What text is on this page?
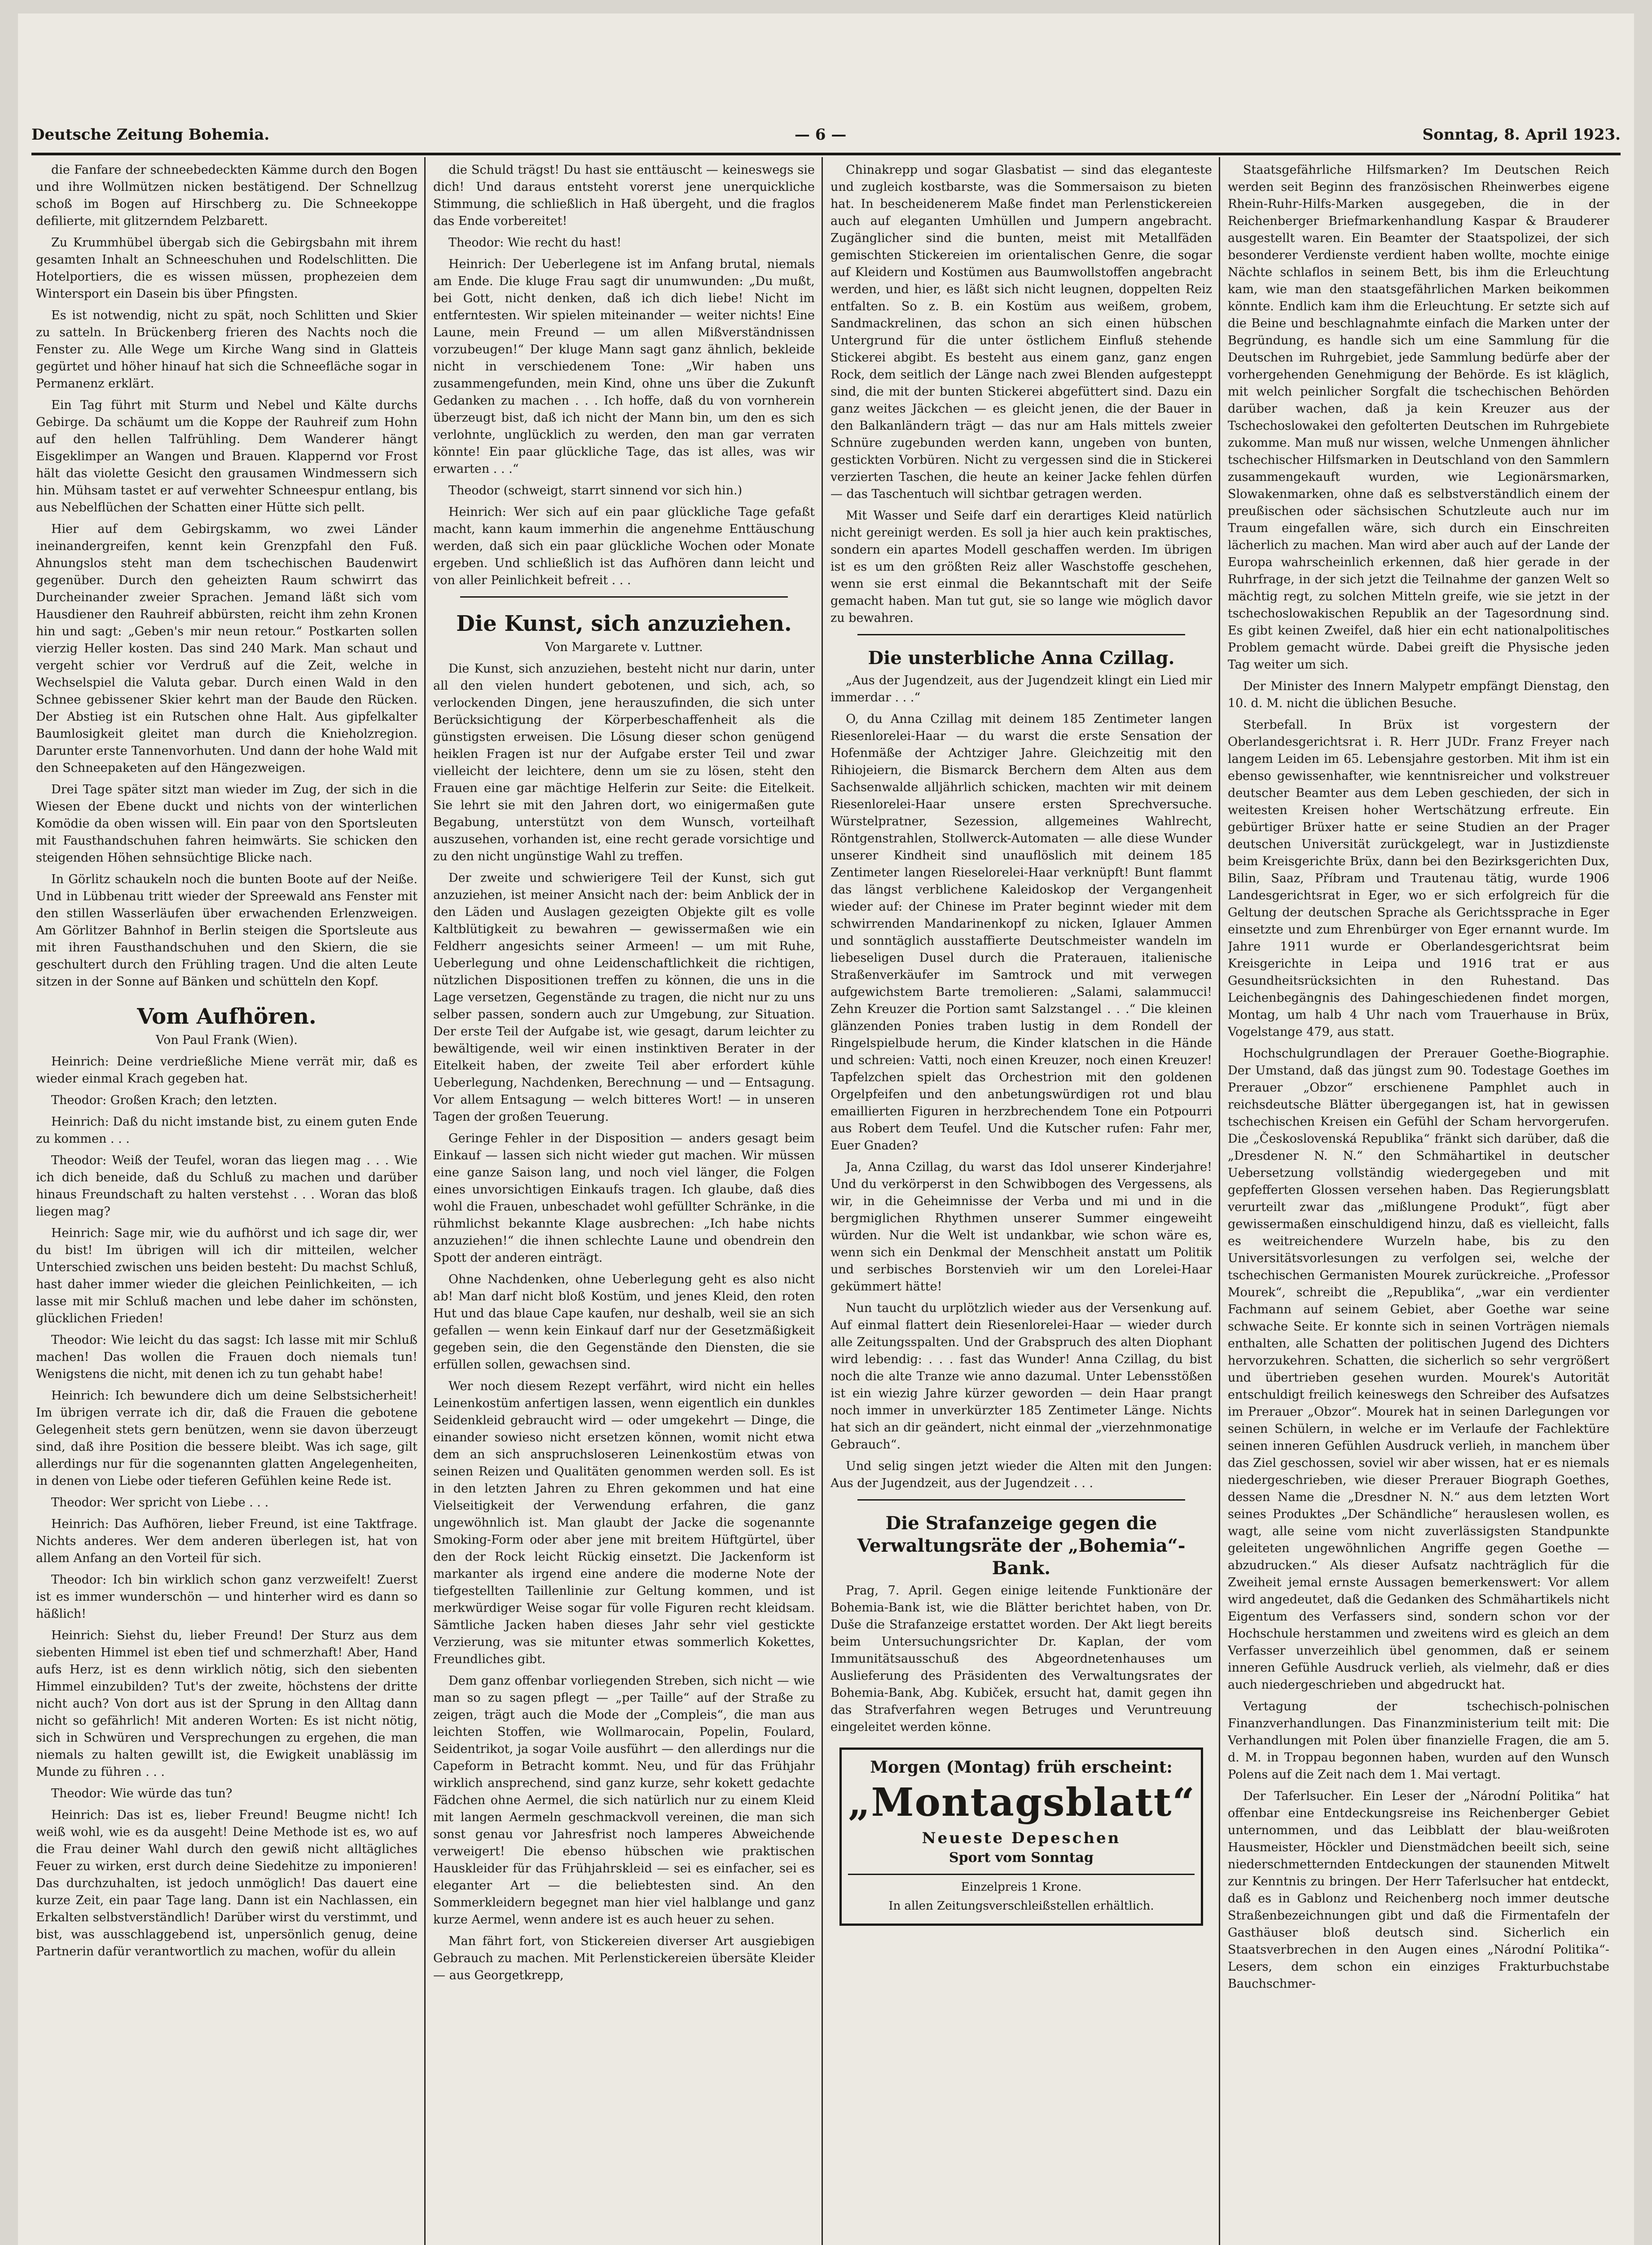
Deutsche Zeitung Bohemia.	— 6 —	Sonntag, 8. April 1923.

die Fanfare der schneebedeckten Kämme durch den Bogen und ihre Wollmützen nicken bestätigend. Der Schnellzug schoß im Bogen auf Hirschberg zu. Die Schneekoppe defilierte, mit glitzerndem Pelzbarett.

Zu Krummhübel übergab sich die Gebirgsbahn mit ihrem gesamten Inhalt an Schneeschuhen und Rodelschlitten. Die Hotelportiers, die es wissen müssen, prophezeien dem Wintersport ein Dasein bis über Pfingsten.

Es ist notwendig, nicht zu spät, noch Schlitten und Skier zu satteln. In Brückenberg frieren des Nachts noch die Fenster zu. Alle Wege um Kirche Wang sind in Glatteis gegürtet und höher hinauf hat sich die Schneefläche sogar in Permanenz erklärt.

Ein Tag führt mit Sturm und Nebel und Kälte durchs Gebirge. Da schäumt um die Koppe der Rauhreif zum Hohn auf den hellen Talfrühling. Dem Wanderer hängt Eisgeklimper an Wangen und Brauen. Klappernd vor Frost hält das violette Gesicht den grausamen Windmessern sich hin. Mühsam tastet er auf verwehter Schneespur entlang, bis aus Nebelflüchen der Schatten einer Hütte sich pellt.

Hier auf dem Gebirgskamm, wo zwei Länder ineinandergreifen, kennt kein Grenzpfahl den Fuß. Ahnungslos steht man dem tschechischen Baudenwirt gegenüber. Durch den geheizten Raum schwirrt das Durcheinander zweier Sprachen. Jemand läßt sich vom Hausdiener den Rauhreif abbürsten, reicht ihm zehn Kronen hin und sagt: „Geben's mir neun retour.“ Postkarten sollen vierzig Heller kosten. Das sind 240 Mark. Man schaut und vergeht schier vor Verdruß auf die Zeit, welche in Wechselspiel die Valuta gebar. Durch einen Wald in den Schnee gebissener Skier kehrt man der Baude den Rücken. Der Abstieg ist ein Rutschen ohne Halt. Aus gipfelkalter Baumlosigkeit gleitet man durch die Knieholzregion. Darunter erste Tannenvorhuten. Und dann der hohe Wald mit den Schneepaketen auf den Hängezweigen.

Drei Tage später sitzt man wieder im Zug, der sich in die Wiesen der Ebene duckt und nichts von der winterlichen Komödie da oben wissen will. Ein paar von den Sportsleuten mit Fausthandschuhen fahren heimwärts. Sie schicken den steigenden Höhen sehnsüchtige Blicke nach.

In Görlitz schaukeln noch die bunten Boote auf der Neiße. Und in Lübbenau tritt wieder der Spreewald ans Fenster mit den stillen Wasserläufen über erwachenden Erlenzweigen. Am Görlitzer Bahnhof in Berlin steigen die Sportsleute aus mit ihren Fausthandschuhen und den Skiern, die sie geschultert durch den Frühling tragen. Und die alten Leute sitzen in der Sonne auf Bänken und schütteln den Kopf.

Vom Aufhören.

Von Paul Frank (Wien).

Heinrich: Deine verdrießliche Miene verrät mir, daß es wieder einmal Krach gegeben hat.

Theodor: Großen Krach; den letzten.

Heinrich: Daß du nicht imstande bist, zu einem guten Ende zu kommen . . .

Theodor: Weiß der Teufel, woran das liegen mag . . . Wie ich dich beneide, daß du Schluß zu machen und darüber hinaus Freundschaft zu halten verstehst . . . Woran das bloß liegen mag?

Heinrich: Sage mir, wie du aufhörst und ich sage dir, wer du bist! Im übrigen will ich dir mitteilen, welcher Unterschied zwischen uns beiden besteht: Du machst Schluß, hast daher immer wieder die gleichen Peinlichkeiten, — ich lasse mit mir Schluß machen und lebe daher im schönsten, glücklichen Frieden!

Theodor: Wie leicht du das sagst: Ich lasse mit mir Schluß machen! Das wollen die Frauen doch niemals tun! Wenigstens die nicht, mit denen ich zu tun gehabt habe!

Heinrich: Ich bewundere dich um deine Selbstsicherheit! Im übrigen verrate ich dir, daß die Frauen die gebotene Gelegenheit stets gern benützen, wenn sie davon überzeugt sind, daß ihre Position die bessere bleibt. Was ich sage, gilt allerdings nur für die sogenannten glatten Angelegenheiten, in denen von Liebe oder tieferen Gefühlen keine Rede ist.

Theodor: Wer spricht von Liebe . . .

Heinrich: Das Aufhören, lieber Freund, ist eine Taktfrage. Nichts anderes. Wer dem anderen überlegen ist, hat von allem Anfang an den Vorteil für sich.

Theodor: Ich bin wirklich schon ganz verzweifelt! Zuerst ist es immer wunderschön — und hinterher wird es dann so häßlich!

Heinrich: Siehst du, lieber Freund! Der Sturz aus dem siebenten Himmel ist eben tief und schmerzhaft! Aber, Hand aufs Herz, ist es denn wirklich nötig, sich den siebenten Himmel einzubilden? Tut's der zweite, höchstens der dritte nicht auch? Von dort aus ist der Sprung in den Alltag dann nicht so gefährlich! Mit anderen Worten: Es ist nicht nötig, sich in Schwüren und Versprechungen zu ergehen, die man niemals zu halten gewillt ist, die Ewigkeit unablässig im Munde zu führen . . .

Theodor: Wie würde das tun?

Heinrich: Das ist es, lieber Freund! Beugme nicht! Ich weiß wohl, wie es da ausgeht! Deine Methode ist es, wo auf die Frau deiner Wahl durch den gewiß nicht alltägliches Feuer zu wirken, erst durch deine Siedehitze zu imponieren! Das durchzuhalten, ist jedoch unmöglich! Das dauert eine kurze Zeit, ein paar Tage lang. Dann ist ein Nachlassen, ein Erkalten selbstverständlich! Darüber wirst du verstimmt, und bist, was ausschlaggebend ist, unpersönlich genug, deine Partnerin dafür verantwortlich zu machen, wofür du allein

die Schuld trägst! Du hast sie enttäuscht — keineswegs sie dich! Und daraus entsteht vorerst jene unerquickliche Stimmung, die schließlich in Haß übergeht, und die fraglos das Ende vorbereitet!

Theodor: Wie recht du hast!

Heinrich: Der Ueberlegene ist im Anfang brutal, niemals am Ende. Die kluge Frau sagt dir unumwunden: „Du mußt, bei Gott, nicht denken, daß ich dich liebe! Nicht im entferntesten. Wir spielen miteinander — weiter nichts! Eine Laune, mein Freund — um allen Mißverständnissen vorzubeugen!“ Der kluge Mann sagt ganz ähnlich, bekleide nicht in verschiedenem Tone: „Wir haben uns zusammengefunden, mein Kind, ohne uns über die Zukunft Gedanken zu machen . . . Ich hoffe, daß du von vornherein überzeugt bist, daß ich nicht der Mann bin, um den es sich verlohnte, unglücklich zu werden, den man gar verraten könnte! Ein paar glückliche Tage, das ist alles, was wir erwarten . . .“

Theodor (schweigt, starrt sinnend vor sich hin.)

Heinrich: Wer sich auf ein paar glückliche Tage gefaßt macht, kann kaum immerhin die angenehme Enttäuschung werden, daß sich ein paar glückliche Wochen oder Monate ergeben. Und schließlich ist das Aufhören dann leicht und von aller Peinlichkeit befreit . . .

Die Kunst, sich anzuziehen.

Von Margarete v. Luttner.

Die Kunst, sich anzuziehen, besteht nicht nur darin, unter all den vielen hundert gebotenen, und sich, ach, so verlockenden Dingen, jene herauszufinden, die sich unter Berücksichtigung der Körperbeschaffenheit als die günstigsten erweisen. Die Lösung dieser schon genügend heiklen Fragen ist nur der Aufgabe erster Teil und zwar vielleicht der leichtere, denn um sie zu lösen, steht den Frauen eine gar mächtige Helferin zur Seite: die Eitelkeit. Sie lehrt sie mit den Jahren dort, wo einigermaßen gute Begabung, unterstützt von dem Wunsch, vorteilhaft auszusehen, vorhanden ist, eine recht gerade vorsichtige und zu den nicht ungünstige Wahl zu treffen.

Der zweite und schwierigere Teil der Kunst, sich gut anzuziehen, ist meiner Ansicht nach der: beim Anblick der in den Läden und Auslagen gezeigten Objekte gilt es volle Kaltblütigkeit zu bewahren — gewissermaßen wie ein Feldherr angesichts seiner Armeen! — um mit Ruhe, Ueberlegung und ohne Leidenschaftlichkeit die richtigen, nützlichen Dispositionen treffen zu können, die uns in die Lage versetzen, Gegenstände zu tragen, die nicht nur zu uns selber passen, sondern auch zur Umgebung, zur Situation. Der erste Teil der Aufgabe ist, wie gesagt, darum leichter zu bewältigende, weil wir einen instinktiven Berater in der Eitelkeit haben, der zweite Teil aber erfordert kühle Ueberlegung, Nachdenken, Berechnung — und — Entsagung. Vor allem Entsagung — welch bitteres Wort! — in unseren Tagen der großen Teuerung.

Geringe Fehler in der Disposition — anders gesagt beim Einkauf — lassen sich nicht wieder gut machen. Wir müssen eine ganze Saison lang, und noch viel länger, die Folgen eines unvorsichtigen Einkaufs tragen. Ich glaube, daß dies wohl die Frauen, unbeschadet wohl gefüllter Schränke, in die rühmlichst bekannte Klage ausbrechen: „Ich habe nichts anzuziehen!“ die ihnen schlechte Laune und obendrein den Spott der anderen einträgt.

Ohne Nachdenken, ohne Ueberlegung geht es also nicht ab! Man darf nicht bloß Kostüm, und jenes Kleid, den roten Hut und das blaue Cape kaufen, nur deshalb, weil sie an sich gefallen — wenn kein Einkauf darf nur der Gesetzmäßigkeit gegeben sein, die den Gegenstände den Diensten, die sie erfüllen sollen, gewachsen sind.

Wer noch diesem Rezept verfährt, wird nicht ein helles Leinenkostüm anfertigen lassen, wenn eigentlich ein dunkles Seidenkleid gebraucht wird — oder umgekehrt — Dinge, die einander sowieso nicht ersetzen können, womit nicht etwa dem an sich anspruchsloseren Leinenkostüm etwas von seinen Reizen und Qualitäten genommen werden soll. Es ist in den letzten Jahren zu Ehren gekommen und hat eine Vielseitigkeit der Verwendung erfahren, die ganz ungewöhnlich ist. Man glaubt der Jacke die sogenannte Smoking-Form oder aber jene mit breitem Hüftgürtel, über den der Rock leicht Rückig einsetzt. Die Jackenform ist markanter als irgend eine andere die moderne Note der tiefgestellten Taillenlinie zur Geltung kommen, und ist merkwürdiger Weise sogar für volle Figuren recht kleidsam. Sämtliche Jacken haben dieses Jahr sehr viel gestickte Verzierung, was sie mitunter etwas sommerlich Kokettes, Freundliches gibt.

Dem ganz offenbar vorliegenden Streben, sich nicht — wie man so zu sagen pflegt — „per Taille“ auf der Straße zu zeigen, trägt auch die Mode der „Compleis“, die man aus leichten Stoffen, wie Wollmarocain, Popelin, Foulard, Seidentrikot, ja sogar Voile ausführt — den allerdings nur die Capeform in Betracht kommt. Neu, und für das Frühjahr wirklich ansprechend, sind ganz kurze, sehr kokett gedachte Fädchen ohne Aermel, die sich natürlich nur zu einem Kleid mit langen Aermeln geschmackvoll vereinen, die man sich sonst genau vor Jahresfrist noch lamperes Abweichende verweigert! Die ebenso hübschen wie praktischen Hauskleider für das Frühjahrskleid — sei es einfacher, sei es eleganter Art — die beliebtesten sind. An den Sommerkleidern begegnet man hier viel halblange und ganz kurze Aermel, wenn andere ist es auch heuer zu sehen.

Man fährt fort, von Stickereien diverser Art ausgiebigen Gebrauch zu machen. Mit Perlenstickereien übersäte Kleider — aus Georgetkrepp,

Chinakrepp und sogar Glasbatist — sind das eleganteste und zugleich kostbarste, was die Sommersaison zu bieten hat. In bescheidenerem Maße findet man Perlenstickereien auch auf eleganten Umhüllen und Jumpern angebracht. Zugänglicher sind die bunten, meist mit Metallfäden gemischten Stickereien im orientalischen Genre, die sogar auf Kleidern und Kostümen aus Baumwollstoffen angebracht werden, und hier, es läßt sich nicht leugnen, doppelten Reiz entfalten. So z. B. ein Kostüm aus weißem, grobem, Sandmackrelinen, das schon an sich einen hübschen Untergrund für die unter östlichem Einfluß stehende Stickerei abgibt. Es besteht aus einem ganz, ganz engen Rock, dem seitlich der Länge nach zwei Blenden aufgesteppt sind, die mit der bunten Stickerei abgefüttert sind. Dazu ein ganz weites Jäckchen — es gleicht jenen, die der Bauer in den Balkanländern trägt — das nur am Hals mittels zweier Schnüre zugebunden werden kann, ungeben von bunten, gestickten Vorbüren. Nicht zu vergessen sind die in Stickerei verzierten Taschen, die heute an keiner Jacke fehlen dürfen — das Taschentuch will sichtbar getragen werden.

Mit Wasser und Seife darf ein derartiges Kleid natürlich nicht gereinigt werden. Es soll ja hier auch kein praktisches, sondern ein apartes Modell geschaffen werden. Im übrigen ist es um den größten Reiz aller Waschstoffe geschehen, wenn sie erst einmal die Bekanntschaft mit der Seife gemacht haben. Man tut gut, sie so lange wie möglich davor zu bewahren.

Die unsterbliche Anna Czillag.

„Aus der Jugendzeit, aus der Jugendzeit klingt ein Lied mir immerdar . . .“

O, du Anna Czillag mit deinem 185 Zentimeter langen Riesenlorelei-Haar — du warst die erste Sensation der Hofenmäße der Achtziger Jahre. Gleichzeitig mit den Rihiojeiern, die Bismarck Berchern dem Alten aus dem Sachsenwalde alljährlich schicken, machten wir mit deinem Riesenlorelei-Haar unsere ersten Sprechversuche. Würstelpratner, Sezession, allgemeines Wahlrecht, Röntgenstrahlen, Stollwerck-Automaten — alle diese Wunder unserer Kindheit sind unauflöslich mit deinem 185 Zentimeter langen Rieselorelei-Haar verknüpft! Bunt flammt das längst verblichene Kaleidoskop der Vergangenheit wieder auf: der Chinese im Prater beginnt wieder mit dem schwirrenden Mandarinenkopf zu nicken, Iglauer Ammen und sonntäglich ausstaffierte Deutschmeister wandeln im liebeseligen Dusel durch die Praterauen, italienische Straßenverkäufer im Samtrock und mit verwegen aufgewichstem Barte tremolieren: „Salami, salammucci! Zehn Kreuzer die Portion samt Salzstangel . . .“ Die kleinen glänzenden Ponies traben lustig in dem Rondell der Ringelspielbude herum, die Kinder klatschen in die Hände und schreien: Vatti, noch einen Kreuzer, noch einen Kreuzer! Tapfelzchen spielt das Orchestrion mit den goldenen Orgelpfeifen und den anbetungswürdigen rot und blau emaillierten Figuren in herzbrechendem Tone ein Potpourri aus Robert dem Teufel. Und die Kutscher rufen: Fahr mer, Euer Gnaden?

Ja, Anna Czillag, du warst das Idol unserer Kinderjahre! Und du verkörperst in den Schwibbogen des Vergessens, als wir, in die Geheimnisse der Verba und mi und in die bergmiglichen Rhythmen unserer Summer eingeweiht würden. Nur die Welt ist undankbar, wie schon wäre es, wenn sich ein Denkmal der Menschheit anstatt um Politik und serbisches Borstenvieh wir um den Lorelei-Haar gekümmert hätte!

Nun taucht du urplötzlich wieder aus der Versenkung auf. Auf einmal flattert dein Riesenlorelei-Haar — wieder durch alle Zeitungsspalten. Und der Grabspruch des alten Diophant wird lebendig: . . . fast das Wunder! Anna Czillag, du bist noch die alte Tranze wie anno dazumal. Unter Lebensstößen ist ein wiezig Jahre kürzer geworden — dein Haar prangt noch immer in unverkürzter 185 Zentimeter Länge. Nichts hat sich an dir geändert, nicht einmal der „vierzehnmonatige Gebrauch“.

Und selig singen jetzt wieder die Alten mit den Jungen: Aus der Jugendzeit, aus der Jugendzeit . . .

Die Strafanzeige gegen die Verwaltungsräte der „Bohemia“-Bank.

Prag, 7. April. Gegen einige leitende Funktionäre der Bohemia-Bank ist, wie die Blätter berichtet haben, von Dr. Duše die Strafanzeige erstattet worden. Der Akt liegt bereits beim Untersuchungsrichter Dr. Kaplan, der vom Immunitätsausschuß des Abgeordnetenhauses um Auslieferung des Präsidenten des Verwaltungsrates der Bohemia-Bank, Abg. Kubiček, ersucht hat, damit gegen ihn das Strafverfahren wegen Betruges und Veruntreuung eingeleitet werden könne.

Morgen (Montag) früh erscheint:
„Montagsblatt“
Neueste Depeschen
Sport vom Sonntag
Einzelpreis 1 Krone.
In allen Zeitungsverschleißstellen erhältlich.

Staatsgefährliche Hilfsmarken? Im Deutschen Reich werden seit Beginn des französischen Rheinwerbes eigene Rhein-Ruhr-Hilfs-Marken ausgegeben, die in der Reichenberger Briefmarkenhandlung Kaspar & Brauderer ausgestellt waren. Ein Beamter der Staatspolizei, der sich besonderer Verdienste verdient haben wollte, mochte einige Nächte schlaflos in seinem Bett, bis ihm die Erleuchtung kam, wie man den staatsgefährlichen Marken beikommen könnte. Endlich kam ihm die Erleuchtung. Er setzte sich auf die Beine und beschlagnahmte einfach die Marken unter der Begründung, es handle sich um eine Sammlung für die Deutschen im Ruhrgebiet, jede Sammlung bedürfe aber der vorhergehenden Genehmigung der Behörde. Es ist kläglich, mit welch peinlicher Sorgfalt die tschechischen Behörden darüber wachen, daß ja kein Kreuzer aus der Tschechoslowakei den gefolterten Deutschen im Ruhrgebiete zukomme. Man muß nur wissen, welche Unmengen ähnlicher tschechischer Hilfsmarken in Deutschland von den Sammlern zusammengekauft wurden, wie Legionärsmarken, Slowakenmarken, ohne daß es selbstverständlich einem der preußischen oder sächsischen Schutzleute auch nur im Traum eingefallen wäre, sich durch ein Einschreiten lächerlich zu machen. Man wird aber auch auf der Lande der Europa wahrscheinlich erkennen, daß hier gerade in der Ruhrfrage, in der sich jetzt die Teilnahme der ganzen Welt so mächtig regt, zu solchen Mitteln greife, wie sie jetzt in der tschechoslowakischen Republik an der Tagesordnung sind. Es gibt keinen Zweifel, daß hier ein echt nationalpolitisches Problem gemacht würde. Dabei greift die Physische jeden Tag weiter um sich.

Der Minister des Innern Malypetr empfängt Dienstag, den 10. d. M. nicht die üblichen Besuche.

Sterbefall. In Brüx ist vorgestern der Oberlandesgerichtsrat i. R. Herr JUDr. Franz Freyer nach langem Leiden im 65. Lebensjahre gestorben. Mit ihm ist ein ebenso gewissenhafter, wie kenntnisreicher und volkstreuer deutscher Beamter aus dem Leben geschieden, der sich in weitesten Kreisen hoher Wertschätzung erfreute. Ein gebürtiger Brüxer hatte er seine Studien an der Prager deutschen Universität zurückgelegt, war in Justizdienste beim Kreisgerichte Brüx, dann bei den Bezirksgerichten Dux, Bilin, Saaz, Příbram und Trautenau tätig, wurde 1906 Landesgerichtsrat in Eger, wo er sich erfolgreich für die Geltung der deutschen Sprache als Gerichtssprache in Eger einsetzte und zum Ehrenbürger von Eger ernannt wurde. Im Jahre 1911 wurde er Oberlandesgerichtsrat beim Kreisgerichte in Leipa und 1916 trat er aus Gesundheitsrücksichten in den Ruhestand. Das Leichenbegängnis des Dahingeschiedenen findet morgen, Montag, um halb 4 Uhr nach vom Trauerhause in Brüx, Vogelstange 479, aus statt.

Hochschulgrundlagen der Prerauer Goethe-Biographie. Der Umstand, daß das jüngst zum 90. Todestage Goethes im Prerauer „Obzor“ erschienene Pamphlet auch in reichsdeutsche Blätter übergegangen ist, hat in gewissen tschechischen Kreisen ein Gefühl der Scham hervorgerufen. Die „Československá Republika“ fränkt sich darüber, daß die „Dresdener N. N.“ den Schmähartikel in deutscher Uebersetzung vollständig wiedergegeben und mit gepfefferten Glossen versehen haben. Das Regierungsblatt verurteilt zwar das „mißlungene Produkt“, fügt aber gewissermaßen einschuldigend hinzu, daß es vielleicht, falls es weitreichendere Wurzeln habe, bis zu den Universitätsvorlesungen zu verfolgen sei, welche der tschechischen Germanisten Mourek zurückreiche. „Professor Mourek“, schreibt die „Republika“, „war ein verdienter Fachmann auf seinem Gebiet, aber Goethe war seine schwache Seite. Er konnte sich in seinen Vorträgen niemals enthalten, alle Schatten der politischen Jugend des Dichters hervorzukehren. Schatten, die sicherlich so sehr vergrößert und übertrieben gesehen wurden. Mourek's Autorität entschuldigt freilich keineswegs den Schreiber des Aufsatzes im Prerauer „Obzor“. Mourek hat in seinen Darlegungen vor seinen Schülern, in welche er im Verlaufe der Fachlektüre seinen inneren Gefühlen Ausdruck verlieh, in manchem über das Ziel geschossen, soviel wir aber wissen, hat er es niemals niedergeschrieben, wie dieser Prerauer Biograph Goethes, dessen Name die „Dresdner N. N.“ aus dem letzten Wort seines Produktes „Der Schändliche“ herauslesen wollen, es wagt, alle seine vom nicht zuverlässigsten Standpunkte geleiteten ungewöhnlichen Angriffe gegen Goethe — abzudrucken.“ Als dieser Aufsatz nachträglich für die Zweiheit jemal ernste Aussagen bemerkenswert: Vor allem wird angedeutet, daß die Gedanken des Schmähartikels nicht Eigentum des Verfassers sind, sondern schon vor der Hochschule herstammen und zweitens wird es gleich an dem Verfasser unverzeihlich übel genommen, daß er seinem inneren Gefühle Ausdruck verlieh, als vielmehr, daß er dies auch niedergeschrieben und abgedruckt hat.

Vertagung der tschechisch-polnischen Finanzverhandlungen. Das Finanzministerium teilt mit: Die Verhandlungen mit Polen über finanzielle Fragen, die am 5. d. M. in Troppau begonnen haben, wurden auf den Wunsch Polens auf die Zeit nach dem 1. Mai vertagt.

Der Taferlsucher. Ein Leser der „Národní Politika“ hat offenbar eine Entdeckungsreise ins Reichenberger Gebiet unternommen, und das Leibblatt der blau-weißroten Hausmeister, Höckler und Dienstmädchen beeilt sich, seine niederschmetternden Entdeckungen der staunenden Mitwelt zur Kenntnis zu bringen. Der Herr Taferlsucher hat entdeckt, daß es in Gablonz und Reichenberg noch immer deutsche Straßenbezeichnungen gibt und daß die Firmentafeln der Gasthäuser bloß deutsch sind. Sicherlich ein Staatsverbrechen in den Augen eines „Národní Politika“-Lesers, dem schon ein einziges Frakturbuchstabe Bauchschmer-
